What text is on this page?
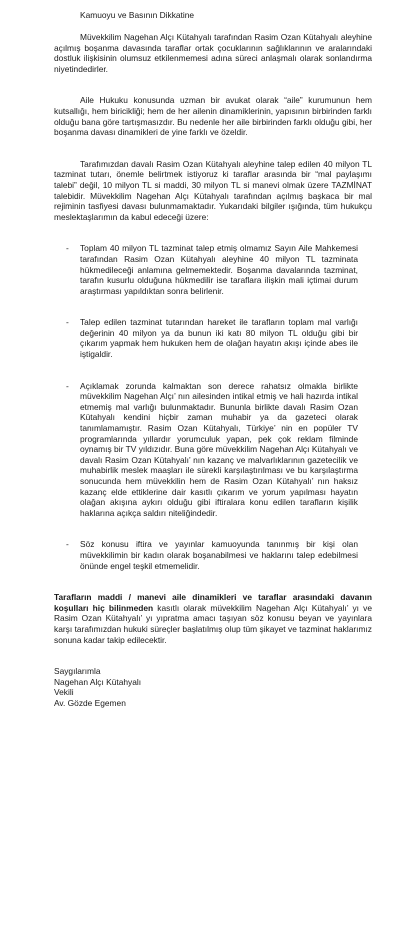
Kamuoyu ve Basının Dikkatine

Müvekkilim Nagehan Alçı Kütahyalı tarafından Rasim Ozan Kütahyalı aleyhine açılmış boşanma davasında taraflar ortak çocuklarının sağlıklarının ve aralarındaki dostluk ilişkisinin olumsuz etkilenmemesi adına süreci anlaşmalı olarak sonlandırma niyetindedirler.

Aile Hukuku konusunda uzman bir avukat olarak “aile” kurumunun hem kutsallığı, hem biricikliği; hem de her ailenin dinamiklerinin, yapısının birbirinden farklı olduğu bana göre tartışmasızdır. Bu nedenle her aile birbirinden farklı olduğu gibi, her boşanma davası dinamikleri de yine farklı ve özeldir.

Tarafımızdan davalı Rasim Ozan Kütahyalı aleyhine talep edilen 40 milyon TL tazminat tutarı, önemle belirtmek istiyoruz ki taraflar arasında bir “mal paylaşımı talebi” değil, 10 milyon TL si maddi, 30 milyon TL si manevi olmak üzere TAZMİNAT talebidir. Müvekkilim Nagehan Alçı Kütahyalı tarafından açılmış başkaca bir mal rejiminin tasfiyesi davası bulunmamaktadır. Yukarıdaki bilgiler ışığında, tüm hukukçu meslektaşlarımın da kabul edeceği üzere:

- Toplam 40 milyon TL tazminat talep etmiş olmamız Sayın Aile Mahkemesi tarafından Rasim Ozan Kütahyalı aleyhine 40 milyon TL tazminata hükmedileceği anlamına gelmemektedir. Boşanma davalarında tazminat, tarafın kusurlu olduğuna hükmedilir ise taraflara ilişkin mali içtimai durum araştırması yapıldıktan sonra belirlenir.
- Talep edilen tazminat tutarından hareket ile tarafların toplam mal varlığı değerinin 40 milyon ya da bunun iki katı 80 milyon TL olduğu gibi bir çıkarım yapmak hem hukuken hem de olağan hayatın akışı içinde abes ile iştigaldir.
- Açıklamak zorunda kalmaktan son derece rahatsız olmakla birlikte müvekkilim Nagehan Alçı’ nın ailesinden intikal etmiş ve hali hazırda intikal etmemiş mal varlığı bulunmaktadır. Bununla birlikte davalı Rasim Ozan Kütahyalı kendini hiçbir zaman muhabir ya da gazeteci olarak tanımlamamıştır. Rasim Ozan Kütahyalı, Türkiye’ nin en popüler TV programlarında yıllardır yorumculuk yapan, pek çok reklam filminde oynamış bir TV yıldızıdır. Buna göre müvekkilim Nagehan Alçı Kütahyalı ve davalı Rasim Ozan Kütahyalı’ nın kazanç ve malvarlıklarının gazetecilik ve muhabirlik meslek maaşları ile sürekli karşılaştırılması ve bu karşılaştırma sonucunda hem müvekkilin hem de Rasim Ozan Kütahyalı’ nın haksız kazanç elde ettiklerine dair kasıtlı çıkarım ve yorum yapılması hayatın olağan akışına aykırı olduğu gibi iftiralara konu edilen tarafların kişilik haklarına açıkça saldırı niteliğindedir.
- Söz konusu iftira ve yayınlar kamuoyunda tanınmış bir kişi olan müvekkilimin bir kadın olarak boşanabilmesi ve haklarını talep edebilmesi önünde engel teşkil etmemelidir.

Tarafların maddi / manevi aile dinamikleri ve taraflar arasındaki davanın koşulları hiç bilinmeden kasıtlı olarak müvekkilim Nagehan Alçı Kütahyalı’ yı ve Rasim Ozan Kütahyalı’ yı yıpratma amacı taşıyan söz konusu beyan ve yayınlara karşı tarafımızdan hukuki süreçler başlatılmış olup tüm şikayet ve tazminat haklarımız sonuna kadar takip edilecektir.

Saygılarımla

Nagehan Alçı Kütahyalı

Vekili

Av. Gözde Egemen
